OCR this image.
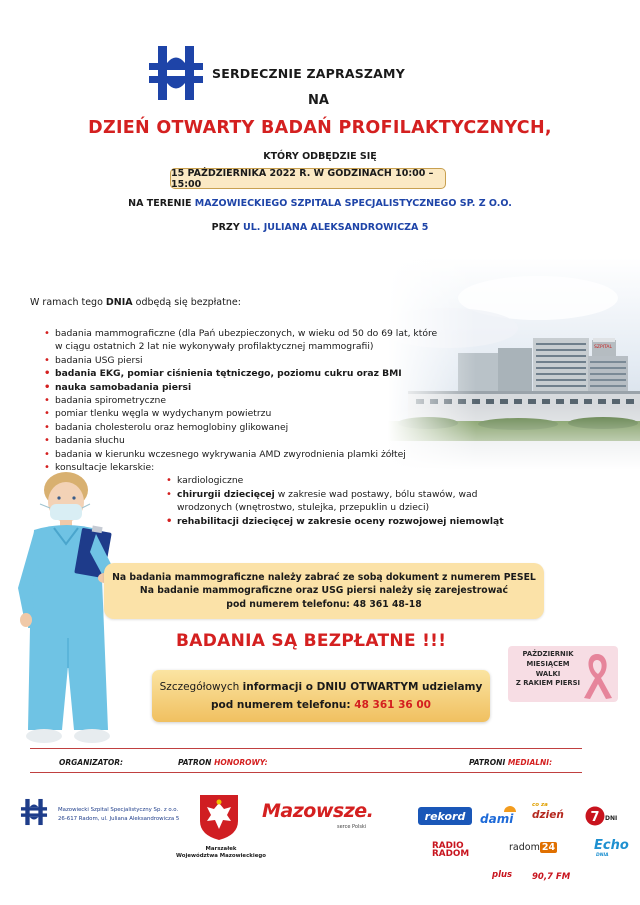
SERDECZNIE ZAPRASZAMY
NA
DZIEŃ OTWARTY BADAŃ PROFILAKTYCZNYCH,
KTÓRY ODBĘDZIE SIĘ
15 PAŹDZIERNIKA 2022 R. W GODZINACH 10:00 – 15:00
NA TERENIE MAZOWIECKIEGO SZPITALA SPECJALISTYCZNEGO SP. Z O.O.
PRZY UL. JULIANA ALEKSANDROWICZA 5
W ramach tego DNIA odbędą się bezpłatne:
• badania mammograficzne (dla Pań ubezpieczonych, w wieku od 50 do 69 lat, które w ciągu ostatnich 2 lat nie wykonywały profilaktycznej mammografii)
• badania USG piersi
• badania EKG, pomiar ciśnienia tętniczego, poziomu cukru oraz BMI
• nauka samobadania piersi
• badania spirometryczne
• pomiar tlenku węgla w wydychanym powietrzu
• badania cholesterolu oraz hemoglobiny glikowanej
• badania słuchu
• badania w kierunku wczesnego wykrywania AMD zwyrodnienia plamki żółtej
• konsultacje lekarskie:
• kardiologiczne
• chirurgii dziecięcej w zakresie wad postawy, bólu stawów, wad wrodzonych (wnętrostwo, stulejka, przepuklin u dzieci)
• rehabilitacji dziecięcej w zakresie oceny rozwojowej niemowląt
Na badania mammograficzne należy zabrać ze sobą dokument z numerem PESEL
Na badanie mammograficzne oraz USG piersi należy się zarejestrować
pod numerem telefonu: 48 361 48-18
BADANIA SĄ BEZPŁATNE !!!
PAŹDZIERNIK
MIESIĄCEM
WALKI
Z RAKIEM PIERSI
Szczegółowych informacji o DNIU OTWARTYM udzielamy
pod numerem telefonu: 48 361 36 00
ORGANIZATOR:	PATRON HONOROWY:	PATRONI MEDIALNI:
Mazowiecki Szpital Specjalistyczny Sp. z o.o.
26-617 Radom, ul. Juliana Aleksandrowicza 5
Marszałek
Województwa Mazowieckiego
Mazowsze.
serce Polski
rekord	dami
co za
dzień 7 DNI
RADIO
RADOM
radom 24	Echo
DNIA
plus 90,7 FM
